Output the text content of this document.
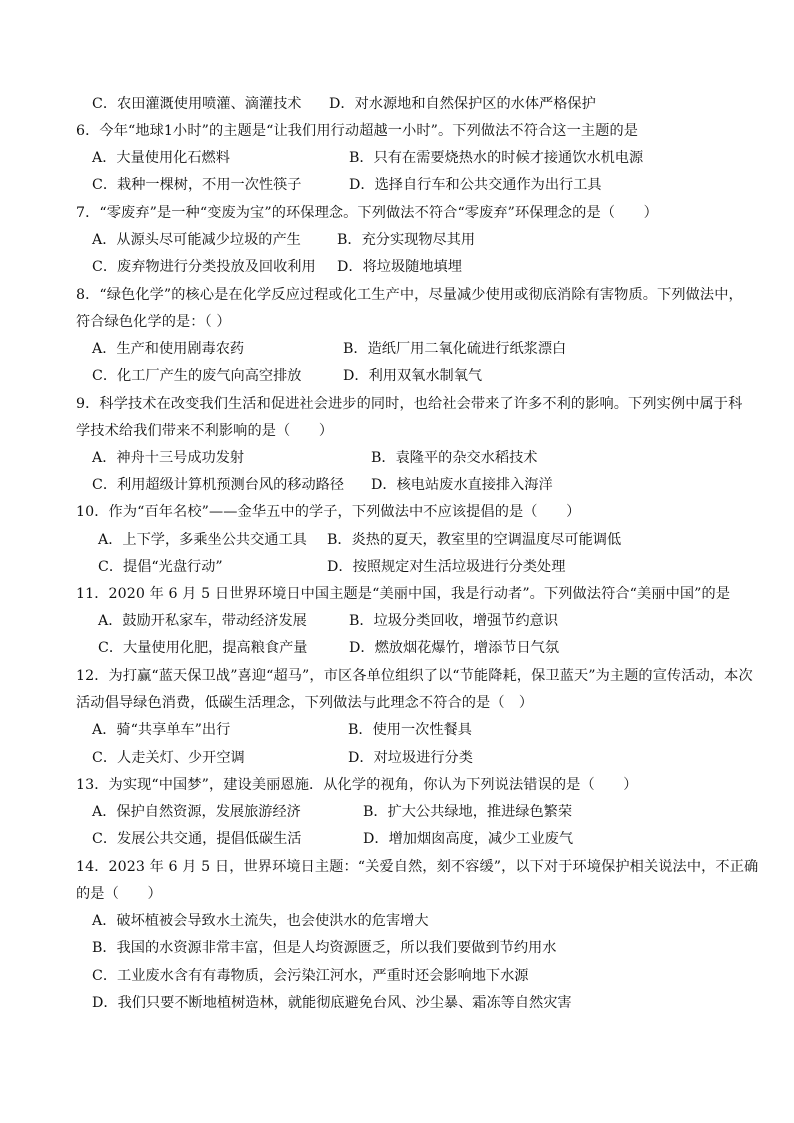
C．农田灌溉使用喷灌、滴灌技术 D．对水源地和自然保护区的水体严格保护
6．今年“地球1小时”的主题是“让我们用行动超越一小时”。下列做法不符合这一主题的是
A．大量使用化石燃料	B．只有在需要烧热水的时候才接通饮水机电源
C．栽种一棵树，不用一次性筷子	D．选择自行车和公共交通作为出行工具
7．“零废弃”是一种“变废为宝”的环保理念。下列做法不符合“零废弃”环保理念的是（　　）
A．从源头尽可能减少垃圾的产生	B．充分实现物尽其用
C．废弃物进行分类投放及回收利用 D．将垃圾随地填埋
8．“绿色化学”的核心是在化学反应过程或化工生产中，尽量减少使用或彻底消除有害物质。下列做法中，
符合绿色化学的是：（ ）
A．生产和使用剧毒农药	B．造纸厂用二氧化硫进行纸浆漂白
C．化工厂产生的废气向高空排放	D．利用双氧水制氧气
9．科学技术在改变我们生活和促进社会进步的同时，也给社会带来了许多不利的影响。下列实例中属于科
学技术给我们带来不利影响的是（　　）
A．神舟十三号成功发射	B．袁隆平的杂交水稻技术
C．利用超级计算机预测台风的移动路径 D．核电站废水直接排入海洋
10．作为“百年名校”——金华五中的学子，下列做法中不应该提倡的是（　　）
A．上下学，多乘坐公共交通工具 B．炎热的夏天，教室里的空调温度尽可能调低
C．提倡“光盘行动”	D．按照规定对生活垃圾进行分类处理
11．2020 年 6 月 5 日世界环境日中国主题是“美丽中国，我是行动者”。下列做法符合“美丽中国”的是
A．鼓励开私家车，带动经济发展	B．垃圾分类回收，增强节约意识
C．大量使用化肥，提高粮食产量	D．燃放烟花爆竹，增添节日气氛
12．为打赢“蓝天保卫战”喜迎“超马”，市区各单位组织了以“节能降耗，保卫蓝天”为主题的宣传活动，本次
活动倡导绿色消费，低碳生活理念，下列做法与此理念不符合的是（　）
A．骑“共享单车”出行	B．使用一次性餐具
C．人走关灯、少开空调	D．对垃圾进行分类
13．为实现“中国梦”，建设美丽恩施．从化学的视角，你认为下列说法错误的是（　　）
A．保护自然资源，发展旅游经济	B．扩大公共绿地，推进绿色繁荣
C．发展公共交通，提倡低碳生活	D．增加烟囱高度，减少工业废气
14．2023 年 6 月 5 日，世界环境日主题：“关爱自然，刻不容缓”，以下对于环境保护相关说法中，不正确
的是（　　）
A．破坏植被会导致水土流失，也会使洪水的危害增大
B．我国的水资源非常丰富，但是人均资源匮乏，所以我们要做到节约用水
C．工业废水含有有毒物质，会污染江河水，严重时还会影响地下水源
D．我们只要不断地植树造林，就能彻底避免台风、沙尘暴、霜冻等自然灾害
